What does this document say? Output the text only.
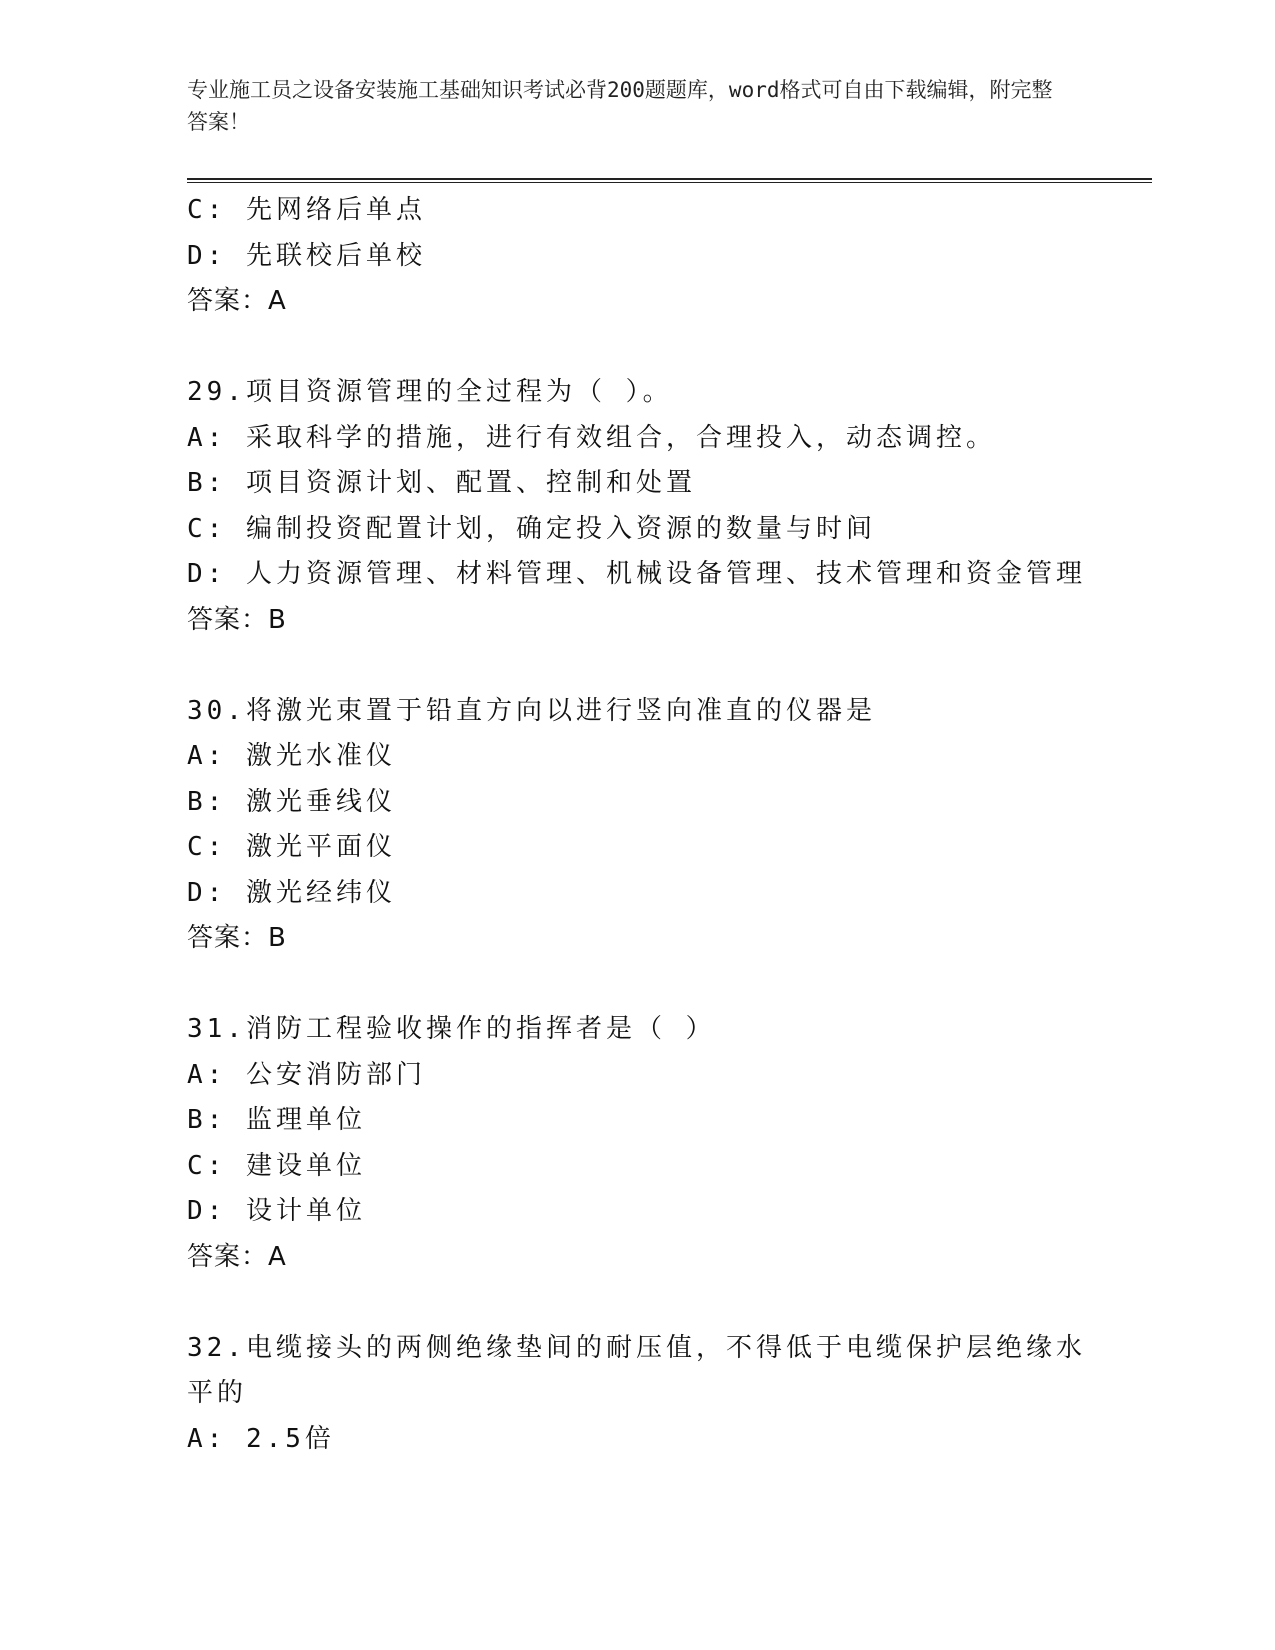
专业施工员之设备安装施工基础知识考试必背200题题库，word格式可自由下载编辑，附完整答案！
C: 先网络后单点
D: 先联校后单校
答案：A
29.项目资源管理的全过程为（ ）。
A: 采取科学的措施，进行有效组合，合理投入，动态调控。
B: 项目资源计划、配置、控制和处置
C: 编制投资配置计划，确定投入资源的数量与时间
D: 人力资源管理、材料管理、机械设备管理、技术管理和资金管理
答案：B
30.将激光束置于铅直方向以进行竖向准直的仪器是
A: 激光水准仪
B: 激光垂线仪
C: 激光平面仪
D: 激光经纬仪
答案：B
31.消防工程验收操作的指挥者是（ ）
A: 公安消防部门
B: 监理单位
C: 建设单位
D: 设计单位
答案：A
32.电缆接头的两侧绝缘垫间的耐压值，不得低于电缆保护层绝缘水平的
A: 2.5倍
